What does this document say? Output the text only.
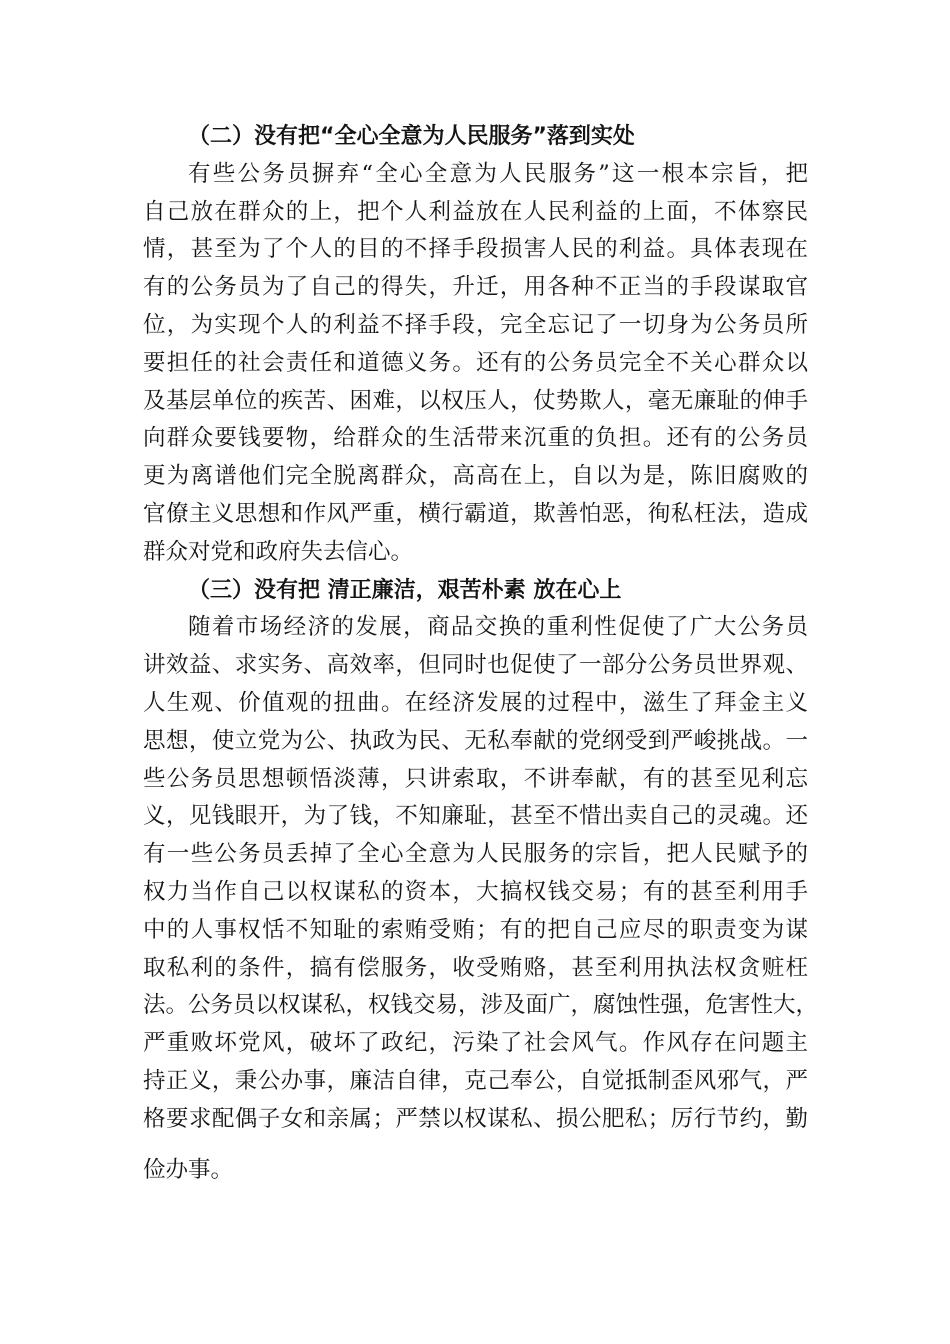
（二）没有把“全心全意为人民服务”落到实处
有些公务员摒弃“全心全意为人民服务”这一根本宗旨，把
自己放在群众的上，把个人利益放在人民利益的上面，不体察民
情，甚至为了个人的目的不择手段损害人民的利益。具体表现在
有的公务员为了自己的得失，升迁，用各种不正当的手段谋取官
位，为实现个人的利益不择手段，完全忘记了一切身为公务员所
要担任的社会责任和道德义务。还有的公务员完全不关心群众以
及基层单位的疾苦、困难，以权压人，仗势欺人，毫无廉耻的伸手
向群众要钱要物，给群众的生活带来沉重的负担。还有的公务员
更为离谱他们完全脱离群众，高高在上，自以为是，陈旧腐败的
官僚主义思想和作风严重，横行霸道，欺善怕恶，徇私枉法，造成
群众对党和政府失去信心。
（三）没有把 清正廉洁，艰苦朴素 放在心上
随着市场经济的发展，商品交换的重利性促使了广大公务员
讲效益、求实务、高效率，但同时也促使了一部分公务员世界观、
人生观、价值观的扭曲。在经济发展的过程中，滋生了拜金主义
思想，使立党为公、执政为民、无私奉献的党纲受到严峻挑战。一
些公务员思想顿悟淡薄，只讲索取，不讲奉献，有的甚至见利忘
义，见钱眼开，为了钱，不知廉耻，甚至不惜出卖自己的灵魂。还
有一些公务员丢掉了全心全意为人民服务的宗旨，把人民赋予的
权力当作自己以权谋私的资本，大搞权钱交易；有的甚至利用手
中的人事权恬不知耻的索贿受贿；有的把自己应尽的职责变为谋
取私利的条件，搞有偿服务，收受贿赂，甚至利用执法权贪赃枉
法。公务员以权谋私，权钱交易，涉及面广，腐蚀性强，危害性大，
严重败坏党风，破坏了政纪，污染了社会风气。作风存在问题主
持正义，秉公办事，廉洁自律，克己奉公，自觉抵制歪风邪气，严
格要求配偶子女和亲属；严禁以权谋私、损公肥私；厉行节约，勤
俭办事。
